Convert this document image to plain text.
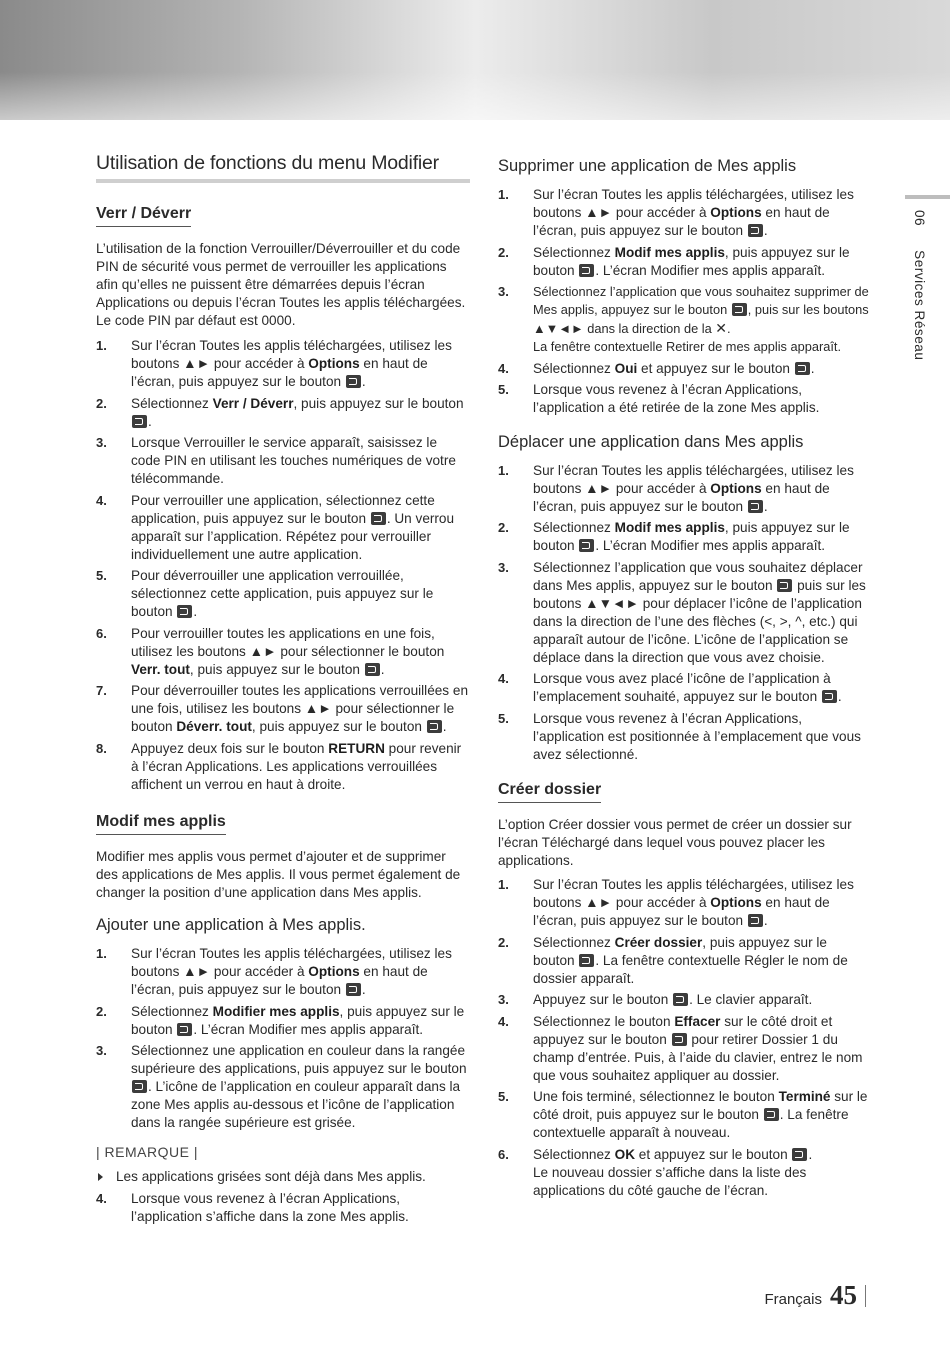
Utilisation de fonctions du menu Modifier
Verr / Déverr

L’utilisation de la fonction Verrouiller/Déverrouiller et du code PIN de sécurité vous permet de verrouiller les applications afin qu’elles ne puissent être démarrées depuis l’écran Applications ou depuis l’écran Toutes les applis téléchargées. Le code PIN par défaut est 0000.

1. Sur l’écran Toutes les applis téléchargées, utilisez les boutons ▲► pour accéder à Options en haut de l’écran, puis appuyez sur le bouton .
2. Sélectionnez Verr / Déverr, puis appuyez sur le bouton .
3. Lorsque Verrouiller le service apparaît, saisissez le code PIN en utilisant les touches numériques de votre télécommande.
4. Pour verrouiller une application, sélectionnez cette application, puis appuyez sur le bouton . Un verrou apparaît sur l’application. Répétez pour verrouiller individuellement une autre application.
5. Pour déverrouiller une application verrouillée, sélectionnez cette application, puis appuyez sur le bouton .
6. Pour verrouiller toutes les applications en une fois, utilisez les boutons ▲► pour sélectionner le bouton Verr. tout, puis appuyez sur le bouton .
7. Pour déverrouiller toutes les applications verrouillées en une fois, utilisez les boutons ▲► pour sélectionner le bouton Déverr. tout, puis appuyez sur le bouton .
8. Appuyez deux fois sur le bouton RETURN pour revenir à l’écran Applications. Les applications verrouillées affichent un verrou en haut à droite.
Modif mes applis

Modifier mes applis vous permet d’ajouter et de supprimer des applications de Mes applis. Il vous permet également de changer la position d’une application dans Mes applis.

Ajouter une application à Mes applis.
1. Sur l’écran Toutes les applis téléchargées, utilisez les boutons ▲► pour accéder à Options en haut de l’écran, puis appuyez sur le bouton .
2. Sélectionnez Modifier mes applis, puis appuyez sur le bouton . L’écran Modifier mes applis apparaît.
3. Sélectionnez une application en couleur dans la rangée supérieure des applications, puis appuyez sur le bouton . L’icône de l’application en couleur apparaît dans la zone Mes applis au-dessous et l’icône de l’application dans la rangée supérieure est grisée.

| REMARQUE |

Les applications grisées sont déjà dans Mes applis.
4. Lorsque vous revenez à l’écran Applications, l’application s’affiche dans la zone Mes applis.
Supprimer une application de Mes applis
1. Sur l’écran Toutes les applis téléchargées, utilisez les boutons ▲► pour accéder à Options en haut de l’écran, puis appuyez sur le bouton .
2. Sélectionnez Modif mes applis, puis appuyez sur le bouton . L’écran Modifier mes applis apparaît.
3. Sélectionnez l’application que vous souhaitez supprimer de Mes applis, appuyez sur le bouton , puis sur les boutons ▲▼◄► dans la direction de la ✕.
La fenêtre contextuelle Retirer de mes applis apparaît.
4. Sélectionnez Oui et appuyez sur le bouton .
5. Lorsque vous revenez à l’écran Applications, l’application a été retirée de la zone Mes applis.
Déplacer une application dans Mes applis
1. Sur l’écran Toutes les applis téléchargées, utilisez les boutons ▲► pour accéder à Options en haut de l’écran, puis appuyez sur le bouton .
2. Sélectionnez Modif mes applis, puis appuyez sur le bouton . L’écran Modifier mes applis apparaît.
3. Sélectionnez l’application que vous souhaitez déplacer dans Mes applis, appuyez sur le bouton  puis sur les boutons ▲▼◄► pour déplacer l’icône de l’application dans la direction de l’une des flèches (<, >, ^, etc.) qui apparaît autour de l’icône. L’icône de l’application se déplace dans la direction que vous avez choisie.
4. Lorsque vous avez placé l’icône de l’application à l’emplacement souhaité, appuyez sur le bouton .
5. Lorsque vous revenez à l’écran Applications, l’application est positionnée à l’emplacement que vous avez sélectionné.
Créer dossier

L’option Créer dossier vous permet de créer un dossier sur l’écran Téléchargé dans lequel vous pouvez placer les applications.

1. Sur l’écran Toutes les applis téléchargées, utilisez les boutons ▲► pour accéder à Options en haut de l’écran, puis appuyez sur le bouton .
2. Sélectionnez Créer dossier, puis appuyez sur le bouton . La fenêtre contextuelle Régler le nom de dossier apparaît.
3. Appuyez sur le bouton . Le clavier apparaît.
4. Sélectionnez le bouton Effacer sur le côté droit et appuyez sur le bouton  pour retirer Dossier 1 du champ d’entrée. Puis, à l’aide du clavier, entrez le nom que vous souhaitez appliquer au dossier.
5. Une fois terminé, sélectionnez le bouton Terminé sur le côté droit, puis appuyez sur le bouton . La fenêtre contextuelle apparaît à nouveau.
6. Sélectionnez OK et appuyez sur le bouton .
Le nouveau dossier s’affiche dans la liste des applications du côté gauche de l’écran.
06Services Réseau
Français 45
